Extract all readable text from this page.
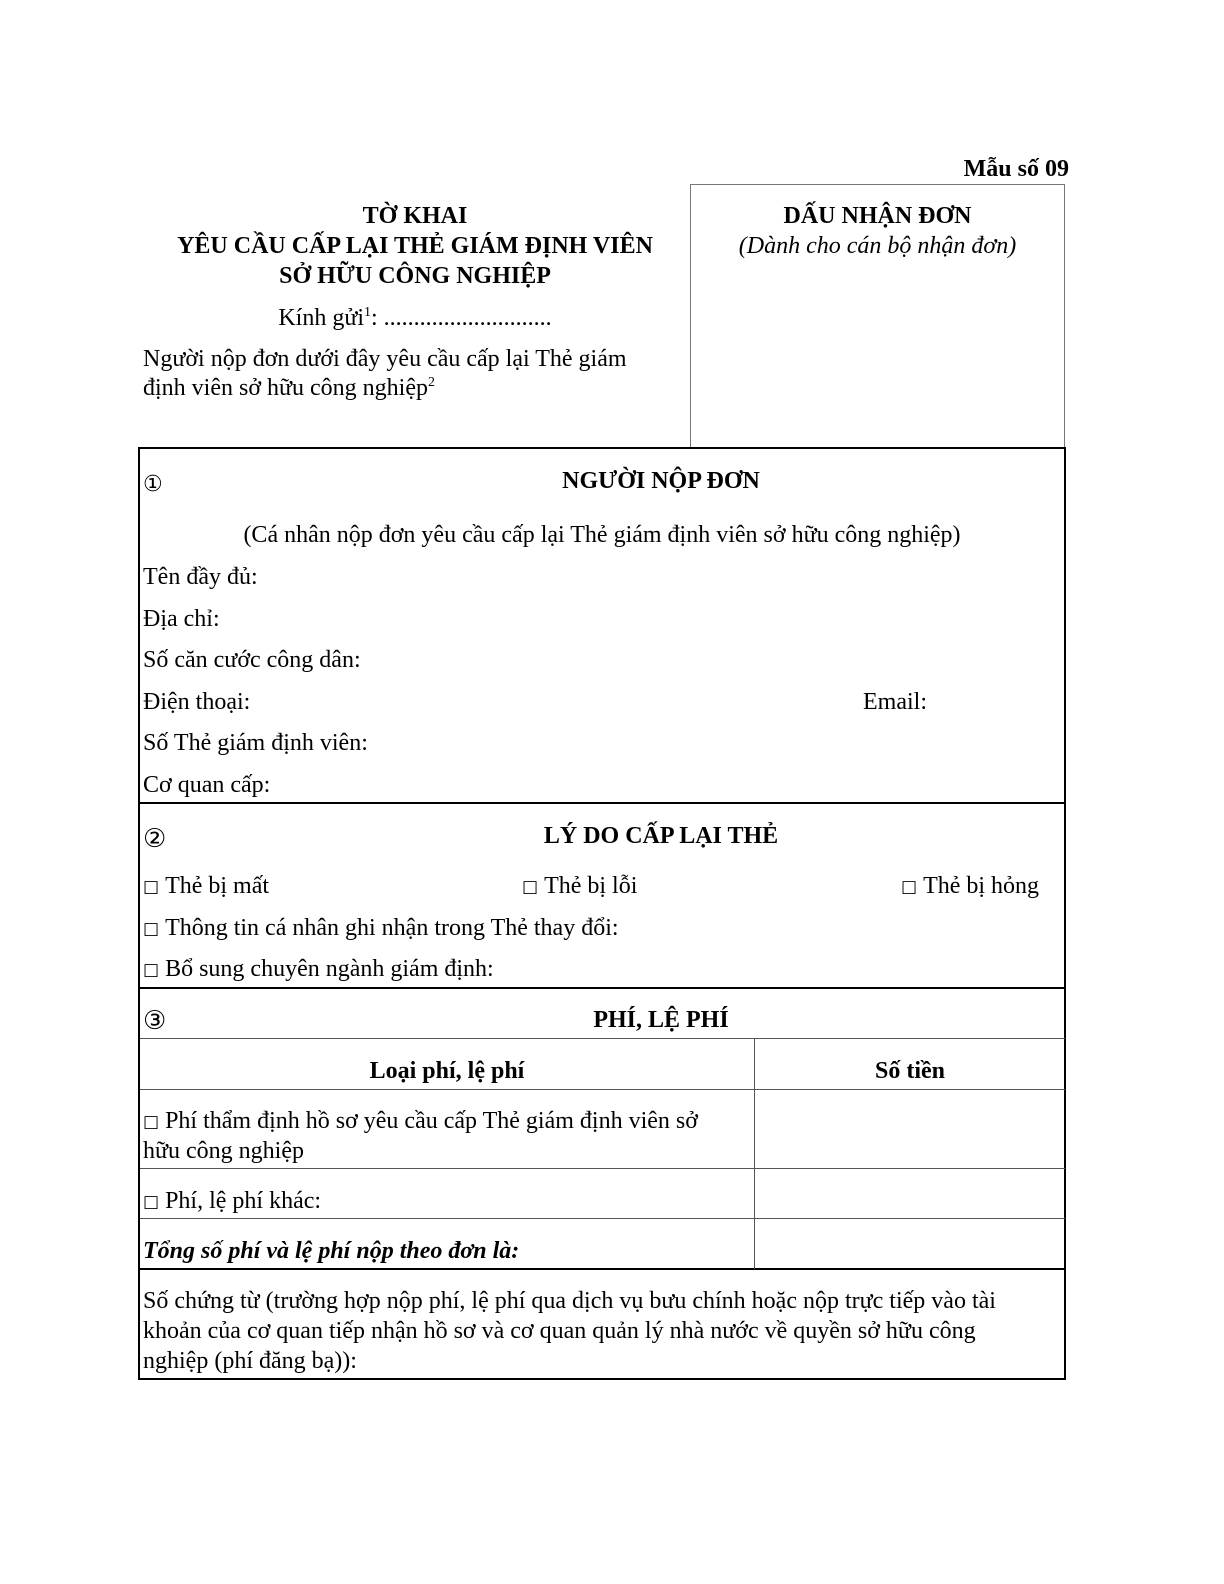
Mẫu số 09
TỜ KHAI
YÊU CẦU CẤP LẠI THẺ GIÁM ĐỊNH VIÊN
SỞ HỮU CÔNG NGHIỆP
Kính gửi$^1$: ............................
Người nộp đơn dưới đây yêu cầu cấp lại Thẻ giám
định viên sở hữu công nghiệp$^2$
DẤU NHẬN ĐƠN
(Dành cho cán bộ nhận đơn)
①	NGƯỜI NỘP ĐƠN
(Cá nhân nộp đơn yêu cầu cấp lại Thẻ giám định viên sở hữu công nghiệp)
Tên đầy đủ:
Địa chỉ:
Số căn cước công dân:
Điện thoại:	Email:
Số Thẻ giám định viên:
Cơ quan cấp:
②	LÝ DO CẤP LẠI THẺ
□ Thẻ bị mất	□ Thẻ bị lỗi	□ Thẻ bị hỏng
□ Thông tin cá nhân ghi nhận trong Thẻ thay đổi:
□ Bổ sung chuyên ngành giám định:
③	PHÍ, LỆ PHÍ
Loại phí, lệ phí	Số tiền
□ Phí thẩm định hồ sơ yêu cầu cấp Thẻ giám định viên sở
hữu công nghiệp
□ Phí, lệ phí khác:
Tổng số phí và lệ phí nộp theo đơn là:
Số chứng từ (trường hợp nộp phí, lệ phí qua dịch vụ bưu chính hoặc nộp trực tiếp vào tài
khoản của cơ quan tiếp nhận hồ sơ và cơ quan quản lý nhà nước về quyền sở hữu công
nghiệp (phí đăng bạ)):
